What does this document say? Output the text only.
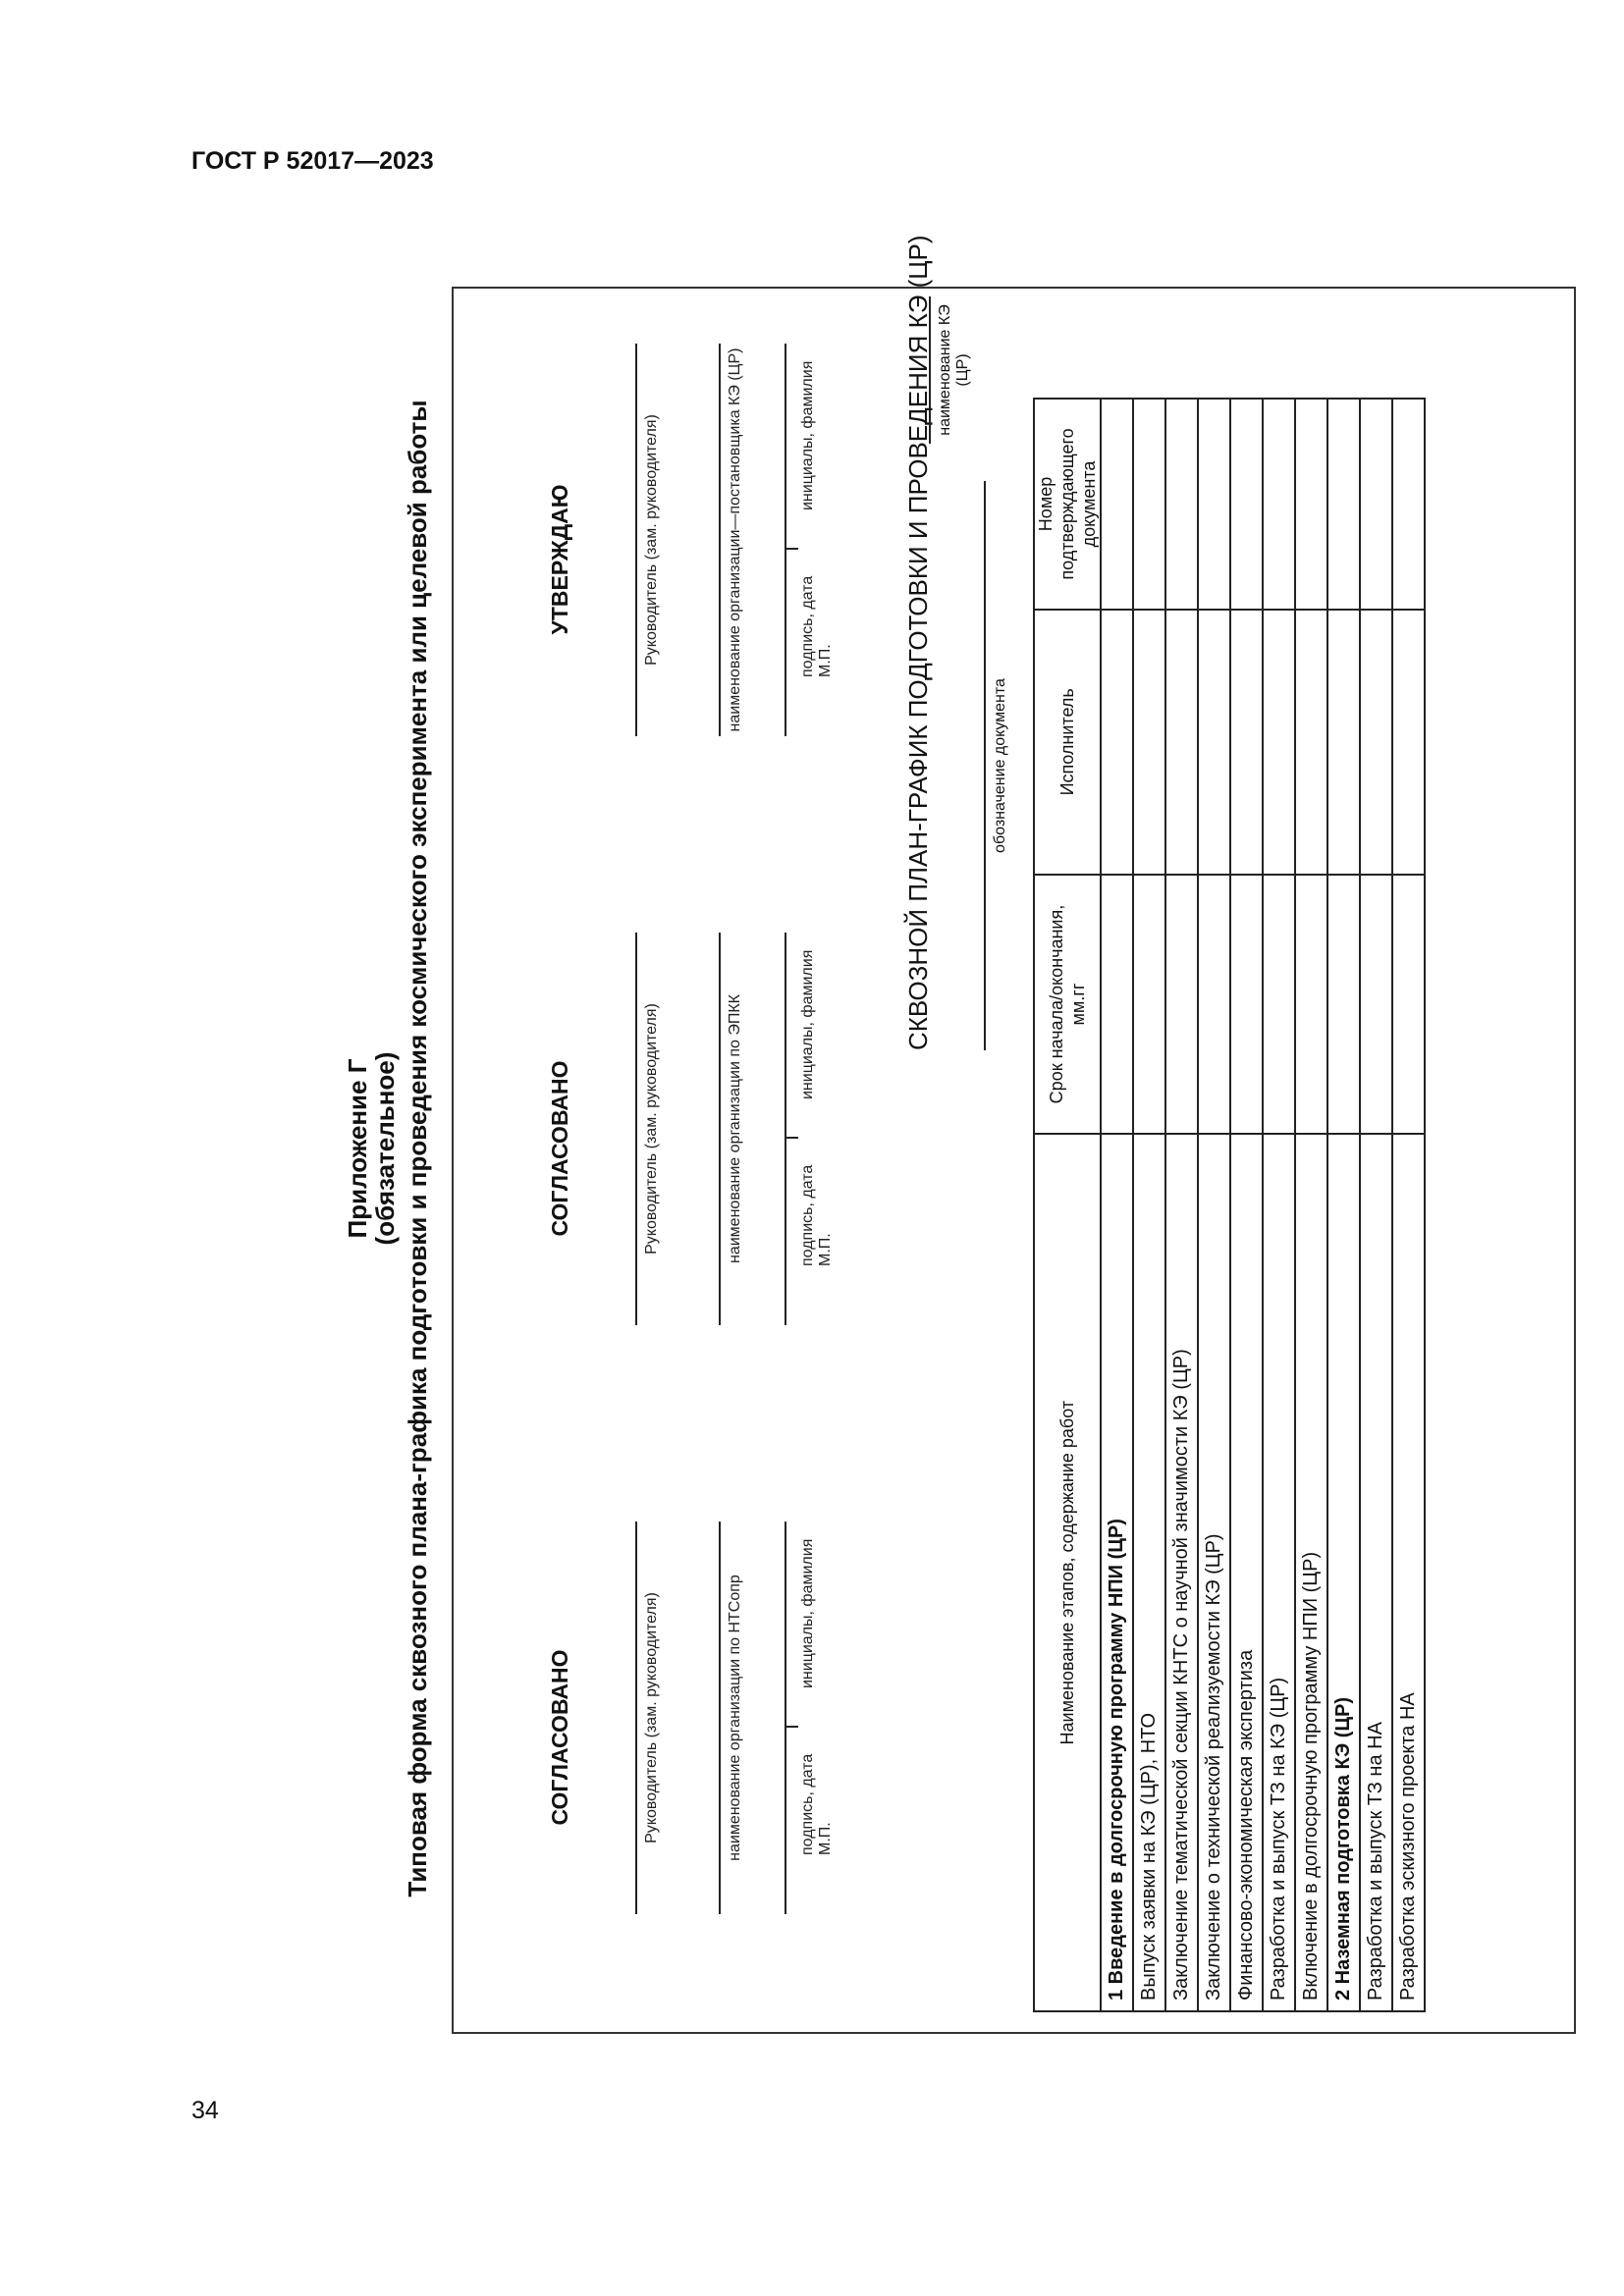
ГОСТ Р 52017—2023
34
Приложение Г
(обязательное) Типовая форма сквозного плана-графика подготовки и проведения космического эксперимента или целевой работы	СОГЛАСОВАНО	Руководитель (зам. руководителя)	наименование организации по НТСопр	подпись, дата М.П.
инициалы, фамилия
СОГЛАСОВАНО	Руководитель (зам. руководителя)	наименование организации по ЭПКК	подпись, дата М.П.
инициалы, фамилия
УТВЕРЖДАЮ	Руководитель (зам. руководителя)	наименование организации—постановщика КЭ (ЦР)	подпись, дата М.П.
инициалы, фамилия	СКВОЗНОЙ ПЛАН-ГРАФИК ПОДГОТОВКИ И ПРОВЕДЕНИЯ КЭ (ЦР) наименование КЭ (ЦР)
обозначение документа
Наименование этапов, содержание работ	Срок начала/окончания, мм.гг	Исполнитель	Номер подтверждающего документа
1 Введение в долгосрочную программу НПИ (ЦР)			
Выпуск заявки на КЭ (ЦР), НТО			
Заключение тематической секции КНТС о научной значимости КЭ (ЦР)			
Заключение о технической реализуемости КЭ (ЦР)			
Финансово-экономическая экспертиза			
Разработка и выпуск ТЗ на КЭ (ЦР)			
Включение в долгосрочную программу НПИ (ЦР)			
2 Наземная подготовка КЭ (ЦР)			
Разработка и выпуск ТЗ на НА			
Разработка эскизного проекта НА			
